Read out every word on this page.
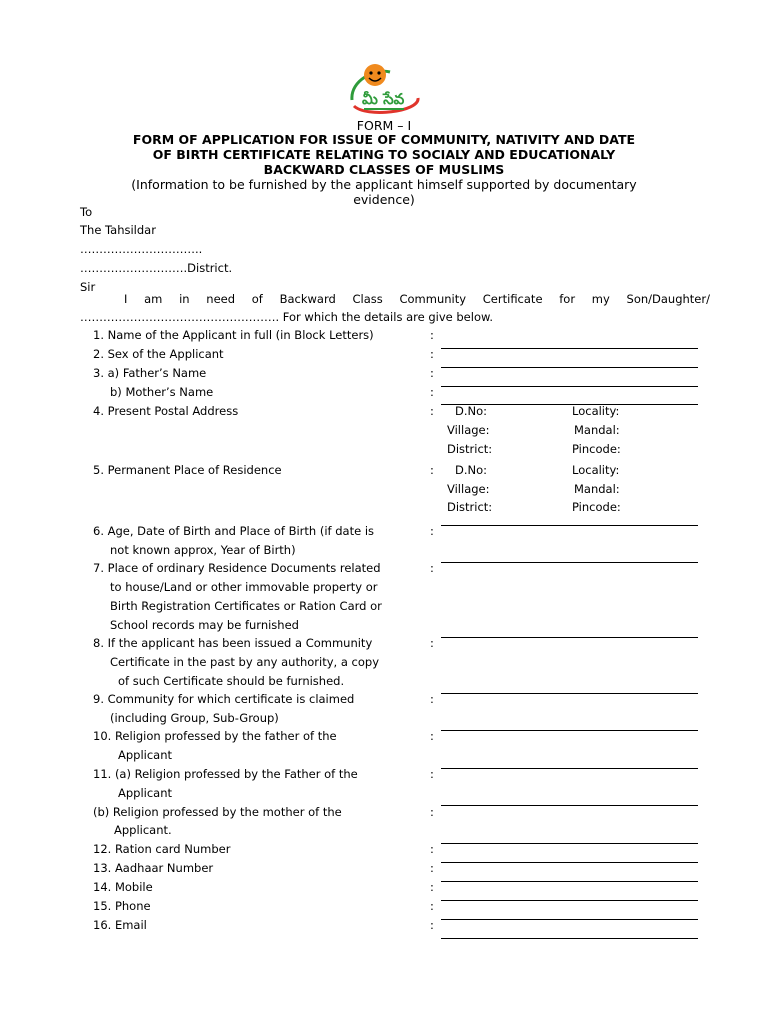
మీ సేవ
FORM – I
FORM OF APPLICATION FOR ISSUE OF COMMUNITY, NATIVITY AND DATE
OF BIRTH CERTIFICATE RELATING TO SOCIALY AND EDUCATIONALY
BACKWARD CLASSES OF MUSLIMS
(Information to be furnished by the applicant himself supported by documentary
evidence)
To
The Tahsildar
…………………………..
……………………….District.
Sir
I am in need of Backward Class Community Certificate for my Son/Daughter/
……………………………………………. For which the details are give below.
1. Name of the Applicant in full (in Block Letters)	:
2. Sex of the Applicant	:
3. a) Father’s Name	:
b) Mother’s Name	:
4. Present Postal Address	: D.No:	Locality:
Village:	Mandal:
District:	Pincode:
5. Permanent Place of Residence	: D.No:	Locality:
Village:	Mandal:
District:	Pincode:
6. Age, Date of Birth and Place of Birth (if date is
not known approx, Year of Birth)
:
7. Place of ordinary Residence Documents related
to house/Land or other immovable property or
Birth Registration Certificates or Ration Card or
School records may be furnished
:
8. If the applicant has been issued a Community
Certificate in the past by any authority, a copy
of such Certificate should be furnished.
:
9. Community for which certificate is claimed
(including Group, Sub-Group)
:
10. Religion professed by the father of the
Applicant
:
11. (a) Religion professed by the Father of the
Applicant
:
(b) Religion professed by the mother of the
Applicant.
:
12. Ration card Number	:
13. Aadhaar Number	:
14. Mobile	:
15. Phone	:
16. Email	:
